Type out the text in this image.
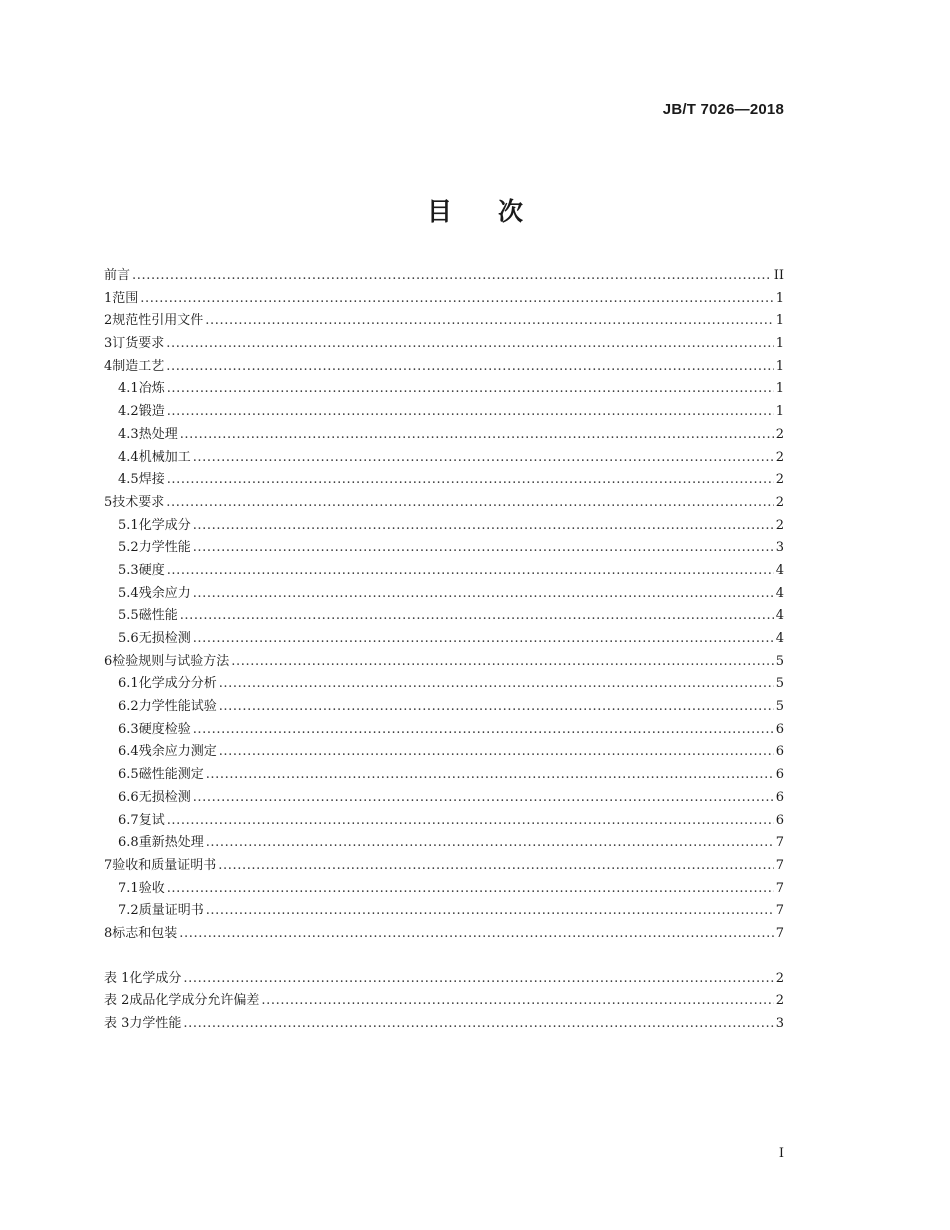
JB/T 7026—2018
目 次
前言 .....	II
1 范围 .....	1
2 规范性引用文件 .....	1
3 订货要求 .....	1
4 制造工艺 .....	1
4.1 冶炼 .....	1
4.2 锻造 .....	1
4.3 热处理 .....	2
4.4 机械加工 .....	2
4.5 焊接 .....	2
5 技术要求 .....	2
5.1 化学成分 .....	2
5.2 力学性能 .....	3
5.3 硬度 .....	4
5.4 残余应力 .....	4
5.5 磁性能 .....	4
5.6 无损检测 .....	4
6 检验规则与试验方法 .....	5
6.1 化学成分分析 .....	5
6.2 力学性能试验 .....	5
6.3 硬度检验 .....	6
6.4 残余应力测定 .....	6
6.5 磁性能测定 .....	6
6.6 无损检测 .....	6
6.7 复试 .....	6
6.8 重新热处理 .....	7
7 验收和质量证明书 .....	7
7.1 验收 .....	7
7.2 质量证明书 .....	7
8 标志和包装 .....	7
表 1 化学成分 .....	2
表 2 成品化学成分允许偏差 .....	2
表 3 力学性能 .....	3
I
